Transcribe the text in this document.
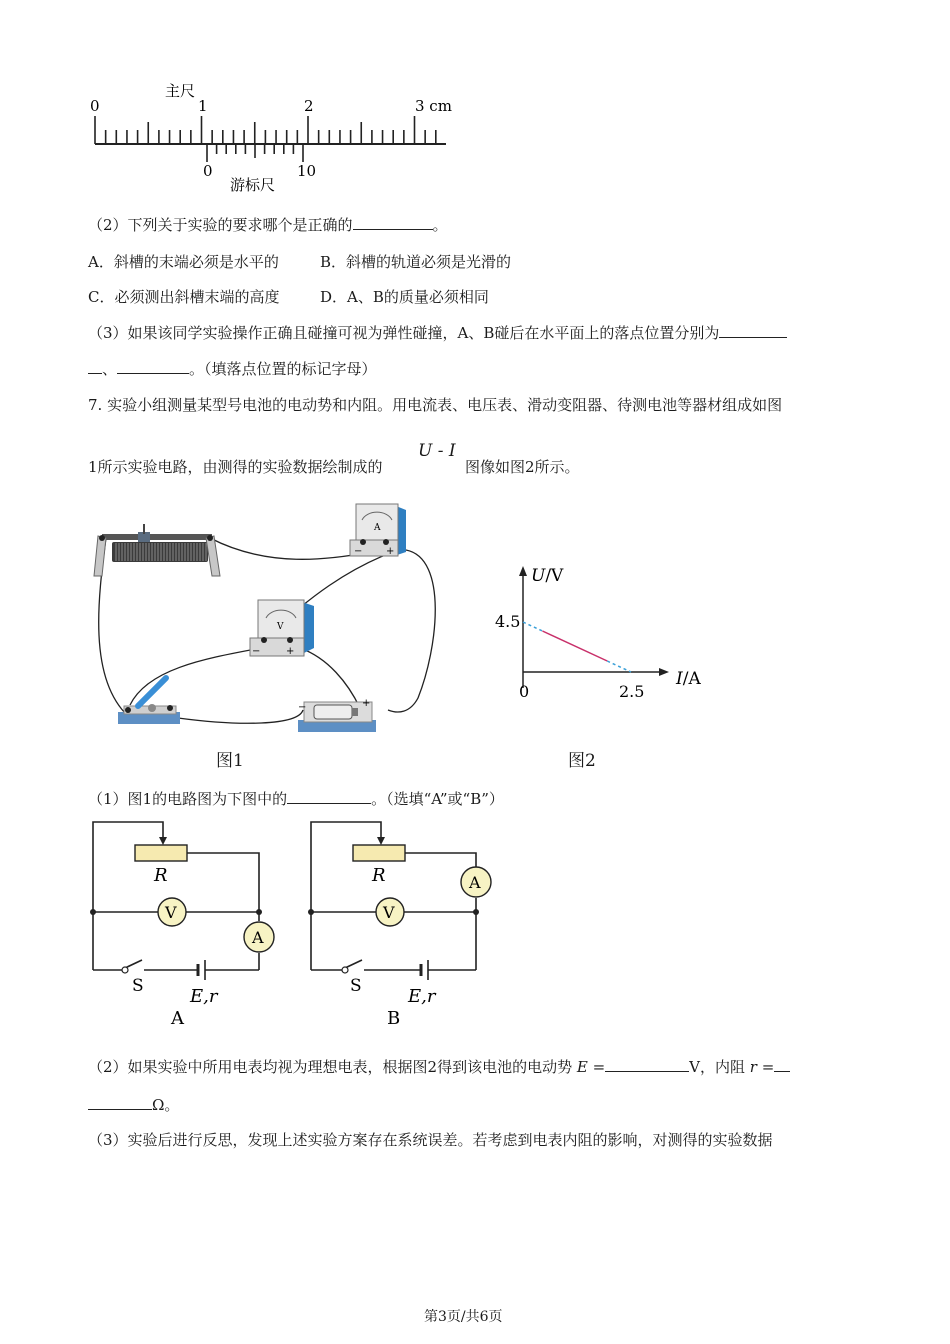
主尺
0	1	2	3 cm
0	10
游标尺
（2）下列关于实验的要求哪个是正确的	。
A．斜槽的末端必须是水平的	B．斜槽的轨道必须是光滑的
C．必须测出斜槽末端的高度	D．A、B的质量必须相同
（3）如果该同学实验操作正确且碰撞可视为弹性碰撞，A、B碰后在水平面上的落点位置分别为
、	。（填落点位置的标记字母）
7. 实验小组测量某型号电池的电动势和内阻。用电流表、电压表、滑动变阻器、待测电池等器材组成如图
1所示实验电路，由测得的实验数据绘制成的
U - I
图像如图2所示。
A
− +
V
−	+
−	+
图1
U/V
I/A
4.5
2.5
0
图2
（1）图1的电路图为下图中的	。（选填“A”或“B”）
V
A
R
S	E,r
A
V
A
R
S	E,r
B
（2）如果实验中所用电表均视为理想电表，根据图2得到该电池的电动势 E =	V，内阻 r =
Ω。
（3）实验后进行反思，发现上述实验方案存在系统误差。若考虑到电表内阻的影响，对测得的实验数据
第3页/共6页
